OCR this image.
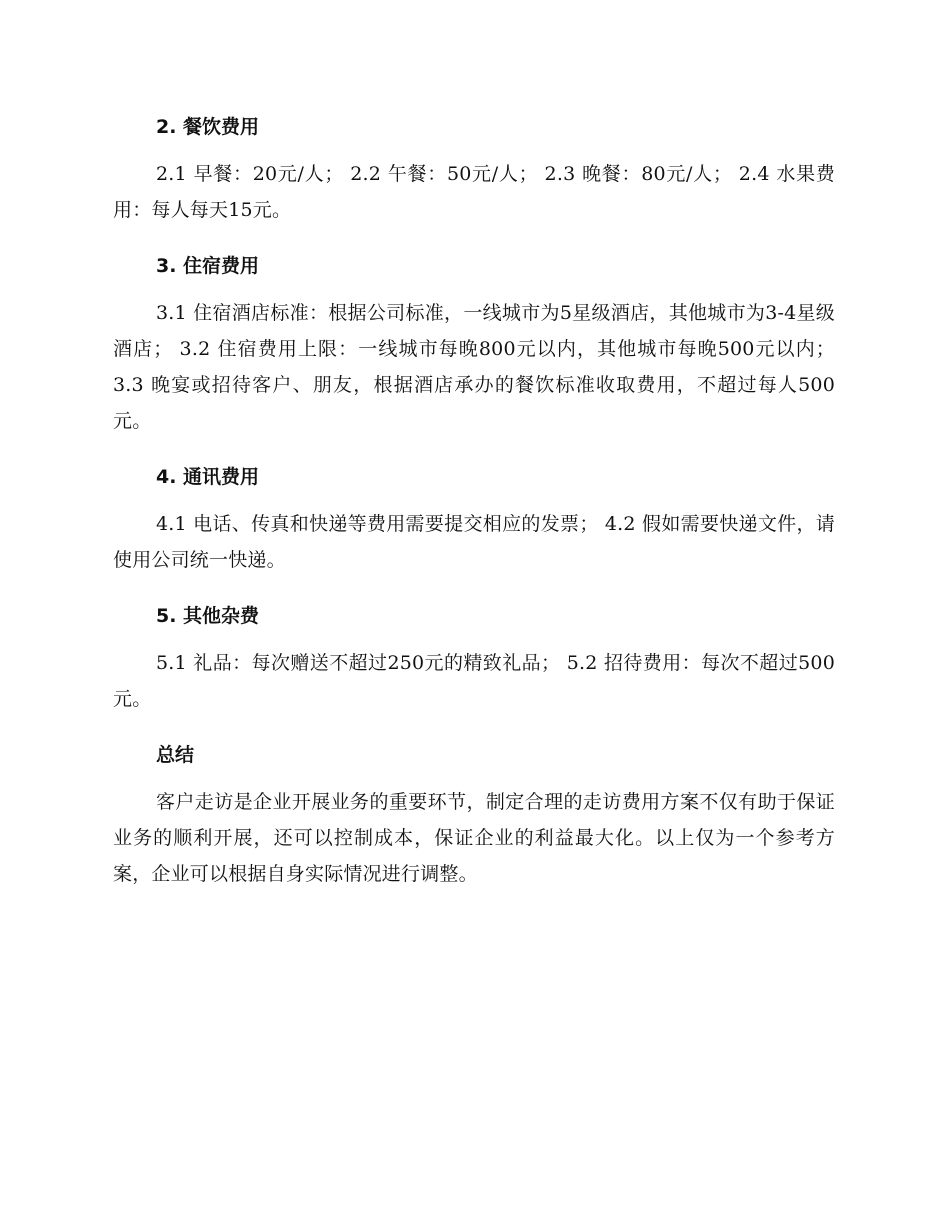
2. 餐饮费用

2.1 早餐：20元/人； 2.2 午餐：50元/人； 2.3 晚餐：80元/人； 2.4 水果费用：每人每天15元。

3. 住宿费用

3.1 住宿酒店标准：根据公司标准，一线城市为5星级酒店，其他城市为3-4星级酒店； 3.2 住宿费用上限：一线城市每晚800元以内，其他城市每晚500元以内； 3.3 晚宴或招待客户、朋友，根据酒店承办的餐饮标准收取费用，不超过每人500元。

4. 通讯费用

4.1 电话、传真和快递等费用需要提交相应的发票； 4.2 假如需要快递文件，请使用公司统一快递。

5. 其他杂费

5.1 礼品：每次赠送不超过250元的精致礼品； 5.2 招待费用：每次不超过500元。

总结

客户走访是企业开展业务的重要环节，制定合理的走访费用方案不仅有助于保证业务的顺利开展，还可以控制成本，保证企业的利益最大化。以上仅为一个参考方案，企业可以根据自身实际情况进行调整。
